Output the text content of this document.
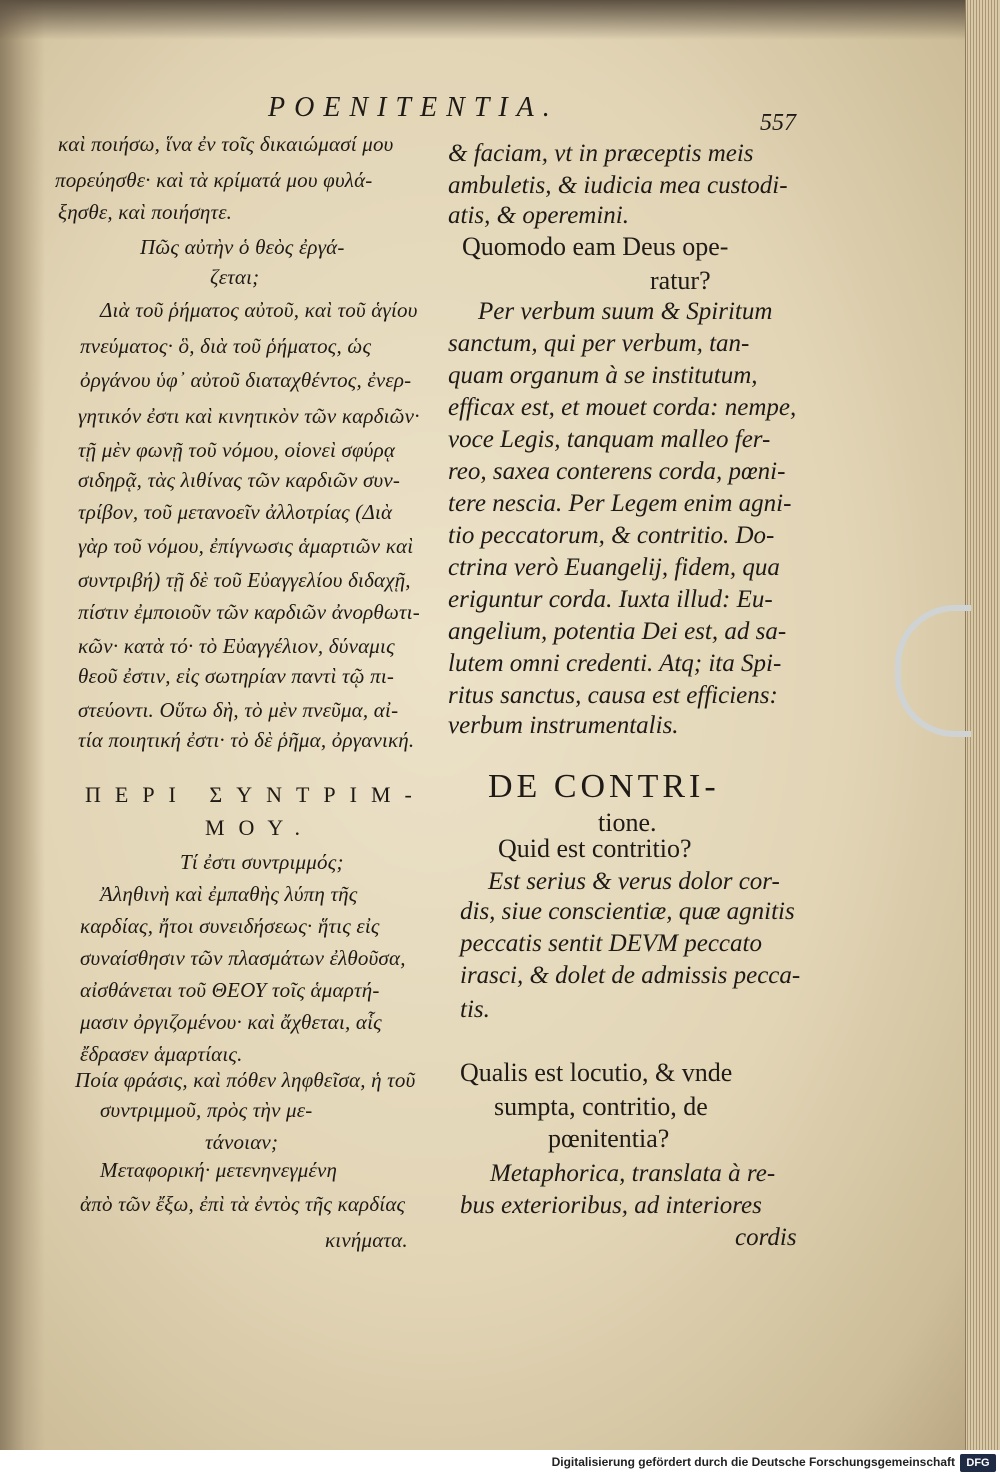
POENITENTIA.	557
καὶ ποιήσω, ἵνα ἐν τοῖς δικαιώμασί μου
πορεύησθε· καὶ τὰ κρίματά μου φυλά-
ξησθε, καὶ ποιήσητε.
Πῶς αὐτὴν ὁ θεὸς ἐργά-
ζεται;
Διὰ τοῦ ῥήματος αὐτοῦ, καὶ τοῦ ἁγίου
πνεύματος· ὃ, διὰ τοῦ ῥήματος, ὡς
ὀργάνου ὑφ᾽ αὐτοῦ διαταχθέντος, ἐνερ-
γητικόν ἐστι καὶ κινητικὸν τῶν καρδιῶν·
τῇ μὲν φωνῇ τοῦ νόμου, οἱονεὶ σφύρᾳ
σιδηρᾷ, τὰς λιθίνας τῶν καρδιῶν συν-
τρίβον, τοῦ μετανοεῖν ἀλλοτρίας (Διὰ
γὰρ τοῦ νόμου, ἐπίγνωσις ἁμαρτιῶν καὶ
συντριβή) τῇ δὲ τοῦ Εὐαγγελίου διδαχῇ,
πίστιν ἐμποιοῦν τῶν καρδιῶν ἀνορθωτι-
κῶν· κατὰ τό· τὸ Εὐαγγέλιον, δύναμις
θεοῦ ἐστιν, εἰς σωτηρίαν παντὶ τῷ πι-
στεύοντι. Οὕτω δὴ, τὸ μὲν πνεῦμα, αἰ-
τία ποιητική ἐστι· τὸ δὲ ῥῆμα, ὀργανική.
ΠΕΡΙ ΣΥΝΤΡΙΜ-
ΜΟΥ.
Τί ἐστι συντριμμός;
Ἀληθινὴ καὶ ἐμπαθὴς λύπη τῆς
καρδίας, ἤτοι συνειδήσεως· ἥτις εἰς
συναίσθησιν τῶν πλασμάτων ἐλθοῦσα,
αἰσθάνεται τοῦ ΘΕΟΥ τοῖς ἁμαρτή-
μασιν ὀργιζομένου· καὶ ἄχθεται, αἷς
ἔδρασεν ἁμαρτίαις.
Ποία φράσις, καὶ πόθεν ληφθεῖσα, ἡ τοῦ
συντριμμοῦ, πρὸς τὴν με-
τάνοιαν;
Μεταφορική· μετενηνεγμένη
ἀπὸ τῶν ἔξω, ἐπὶ τὰ ἐντὸς τῆς καρδίας
κινήματα.
& faciam, vt in præceptis meis
ambuletis, & iudicia mea custodi-
atis, & operemini.
Quomodo eam Deus ope-
ratur?
Per verbum suum & Spiritum
sanctum, qui per verbum, tan-
quam organum à se institutum,
efficax est, et mouet corda: nempe,
voce Legis, tanquam malleo fer-
reo, saxea conterens corda, pœni-
tere nescia. Per Legem enim agni-
tio peccatorum, & contritio. Do-
ctrina verò Euangelij, fidem, qua
eriguntur corda. Iuxta illud: Eu-
angelium, potentia Dei est, ad sa-
lutem omni credenti. Atq; ita Spi-
ritus sanctus, causa est efficiens:
verbum instrumentalis.
DE CONTRI-
tione.
Quid est contritio?
Est serius & verus dolor cor-
dis, siue conscientiæ, quæ agnitis
peccatis sentit DEVM peccato
irasci, & dolet de admissis pecca-
tis.
Qualis est locutio, & vnde
sumpta, contritio, de
pœnitentia?
Metaphorica, translata à re-
bus exterioribus, ad interiores
cordis
Digitalisierung gefördert durch die Deutsche Forschungsgemeinschaft	DFG
